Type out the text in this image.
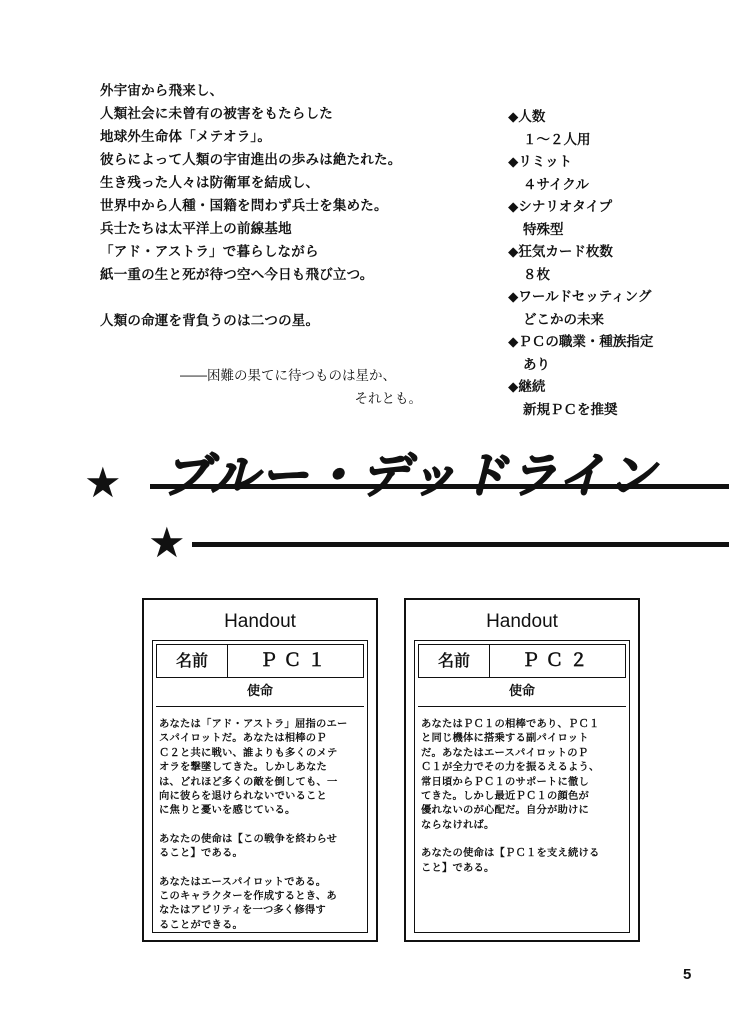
外宇宙から飛来し、
人類社会に未曾有の被害をもたらした
地球外生命体「メテオラ」。
彼らによって人類の宇宙進出の歩みは絶たれた。
生き残った人々は防衛軍を結成し、
世界中から人種・国籍を問わず兵士を集めた。
兵士たちは太平洋上の前線基地
「アド・アストラ」で暮らしながら
紙一重の生と死が待つ空へ今日も飛び立つ。
人類の命運を背負うのは二つの星。
――困難の果てに待つものは星か、
それとも。
◆人数
１～２人用
◆リミット
４サイクル
◆シナリオタイプ
特殊型
◆狂気カード枚数
８枚
◆ワールドセッティング
どこかの未来
◆ＰＣの職業・種族指定
あり
◆継続
新規ＰＣを推奨
★
★
ブルー・デッドライン
Handout
名前	ＰＣ１
使命
あなたは「アド・アストラ」屈指のエー
スパイロットだ。あなたは相棒のＰ
Ｃ２と共に戦い、誰よりも多くのメテ
オラを撃墜してきた。しかしあなた
は、どれほど多くの敵を倒しても、一
向に彼らを退けられないでいること
に焦りと憂いを感じている。
あなたの使命は【この戦争を終わらせ
ること】である。
あなたはエースパイロットである。
このキャラクターを作成するとき、あ
なたはアビリティを一つ多く修得す
ることができる。
Handout
名前	ＰＣ２
使命
あなたはＰＣ１の相棒であり、ＰＣ１
と同じ機体に搭乗する副パイロット
だ。あなたはエースパイロットのＰ
Ｃ１が全力でその力を振るえるよう、
常日頃からＰＣ１のサポートに徹し
てきた。しかし最近ＰＣ１の顔色が
優れないのが心配だ。自分が助けに
ならなければ。
あなたの使命は【ＰＣ１を支え続ける
こと】である。
5
